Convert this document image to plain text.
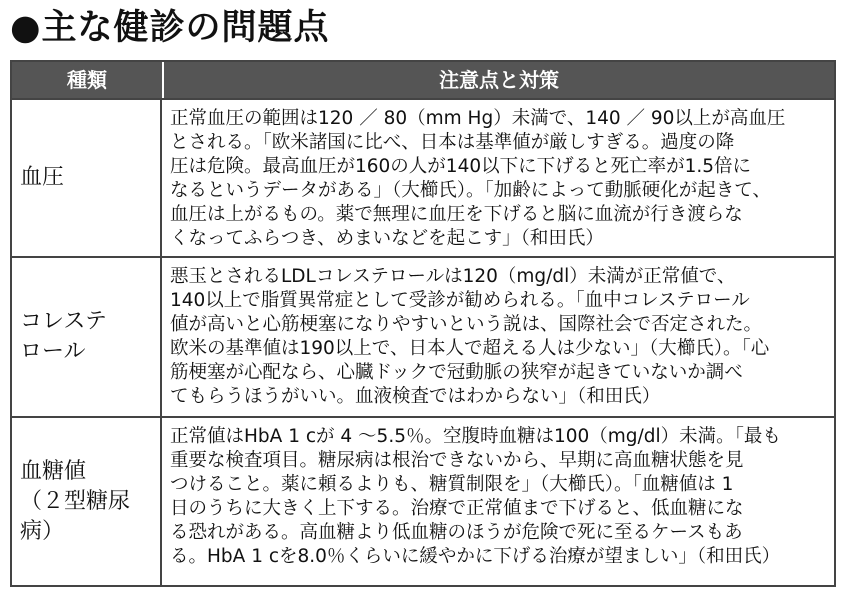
●主な健診の問題点
種類	注意点と対策
血圧
正常血圧の範囲は120 ／ 80（mm Hg）未満で、140 ／ 90以上が高血圧
とされる。「欧米諸国に比べ、日本は基準値が厳しすぎる。過度の降
圧は危険。最高血圧が160の人が140以下に下げると死亡率が1.5倍に
なるというデータがある」（大櫛氏）。「加齢によって動脈硬化が起きて、
血圧は上がるもの。薬で無理に血圧を下げると脳に血流が行き渡らな
くなってふらつき、めまいなどを起こす」（和田氏）
コレステ
ロール
悪玉とされるLDLコレステロールは120（mg/dl）未満が正常値で、
140以上で脂質異常症として受診が勧められる。「血中コレステロール
値が高いと心筋梗塞になりやすいという説は、国際社会で否定された。
欧米の基準値は190以上で、日本人で超える人は少ない」（大櫛氏）。「心
筋梗塞が心配なら、心臓ドックで冠動脈の狭窄が起きていないか調べ
てもらうほうがいい。血液検査ではわからない」（和田氏）
血糖値
（２型糖尿病）
正常値はHbA 1 cが 4 〜5.5％。空腹時血糖は100（mg/dl）未満。「最も
重要な検査項目。糖尿病は根治できないから、早期に高血糖状態を見
つけること。薬に頼るよりも、糖質制限を」（大櫛氏）。「血糖値は 1
日のうちに大きく上下する。治療で正常値まで下げると、低血糖にな
る恐れがある。高血糖より低血糖のほうが危険で死に至るケースもあ
る。HbA 1 cを8.0％くらいに緩やかに下げる治療が望ましい」（和田氏）
